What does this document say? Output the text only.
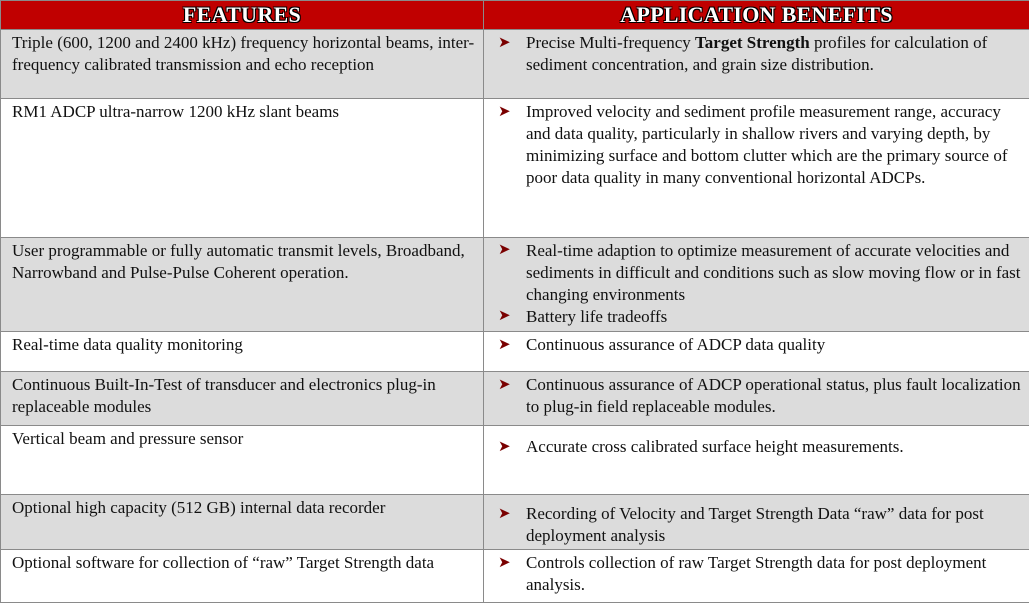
FEATURES	APPLICATION BENEFITS
Triple (600, 1200 and 2400 kHz) frequency horizontal beams, inter-frequency calibrated transmission and echo reception	➤ Precise Multi-frequency Target Strength profiles for calculation of sediment concentration, and grain size distribution.

RM1 ADCP ultra-narrow 1200 kHz slant beams	➤ Improved velocity and sediment profile measurement range, accuracy and data quality, particularly in shallow rivers and varying depth, by minimizing surface and bottom clutter which are the primary source of poor data quality in many conventional horizontal ADCPs.

User programmable or fully automatic transmit levels, Broadband, Narrowband and Pulse-Pulse Coherent operation.	➤ Real-time adaption to optimize measurement of accurate velocities and sediments in difficult and conditions such as slow moving flow or in fast changing environments
➤ Battery life tradeoffs

Real-time data quality monitoring	➤ Continuous assurance of ADCP data quality

Continuous Built-In-Test of transducer and electronics plug-in replaceable modules	➤ Continuous assurance of ADCP operational status, plus fault localization to plug-in field replaceable modules.

Vertical beam and pressure sensor	➤ Accurate cross calibrated surface height measurements.

Optional high capacity (512 GB) internal data recorder	➤ Recording of Velocity and Target Strength Data “raw” data for post deployment analysis

Optional software for collection of “raw” Target Strength data	➤ Controls collection of raw Target Strength data for post deployment analysis.
